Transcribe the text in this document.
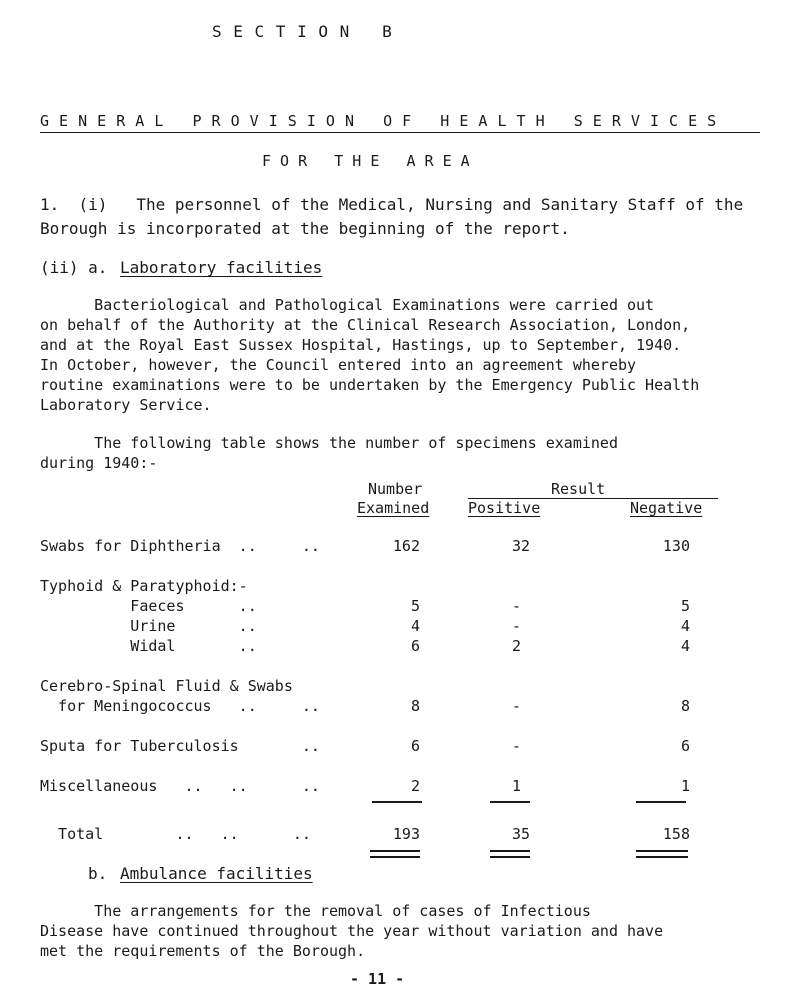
S E C T I O N   B
G E N E R A L   P R O V I S I O N   O F   H E A L T H   S E R V I C E S
F O R   T H E   A R E A
1.  (i)   The personnel of the Medical, Nursing and Sanitary Staff of the
Borough is incorporated at the beginning of the report.
(ii) a. Laboratory facilities
Bacteriological and Pathological Examinations were carried out
on behalf of the Authority at the Clinical Research Association, London,
and at the Royal East Sussex Hospital, Hastings, up to September, 1940.
In October, however, the Council entered into an agreement whereby
routine examinations were to be undertaken by the Emergency Public Health
Laboratory Service.
The following table shows the number of specimens examined
during 1940:-
Number
Examined
Result
Positive	Negative
Swabs for Diphtheria  ..     ..	162	32	130
Typhoid & Paratyphoid:-
Faeces      ..	5	-	5
Urine       ..	4	-	4
Widal       ..	6	2	4
Cerebro-Spinal Fluid & Swabs
for Meningococcus   ..     ..	8	-	8
Sputa for Tuberculosis       ..	6	-	6
Miscellaneous   ..   ..      ..	2	1	1
Total        ..   ..      ..	193	35	158
b. Ambulance facilities
The arrangements for the removal of cases of Infectious
Disease have continued throughout the year without variation and have
met the requirements of the Borough.
- 11 -
